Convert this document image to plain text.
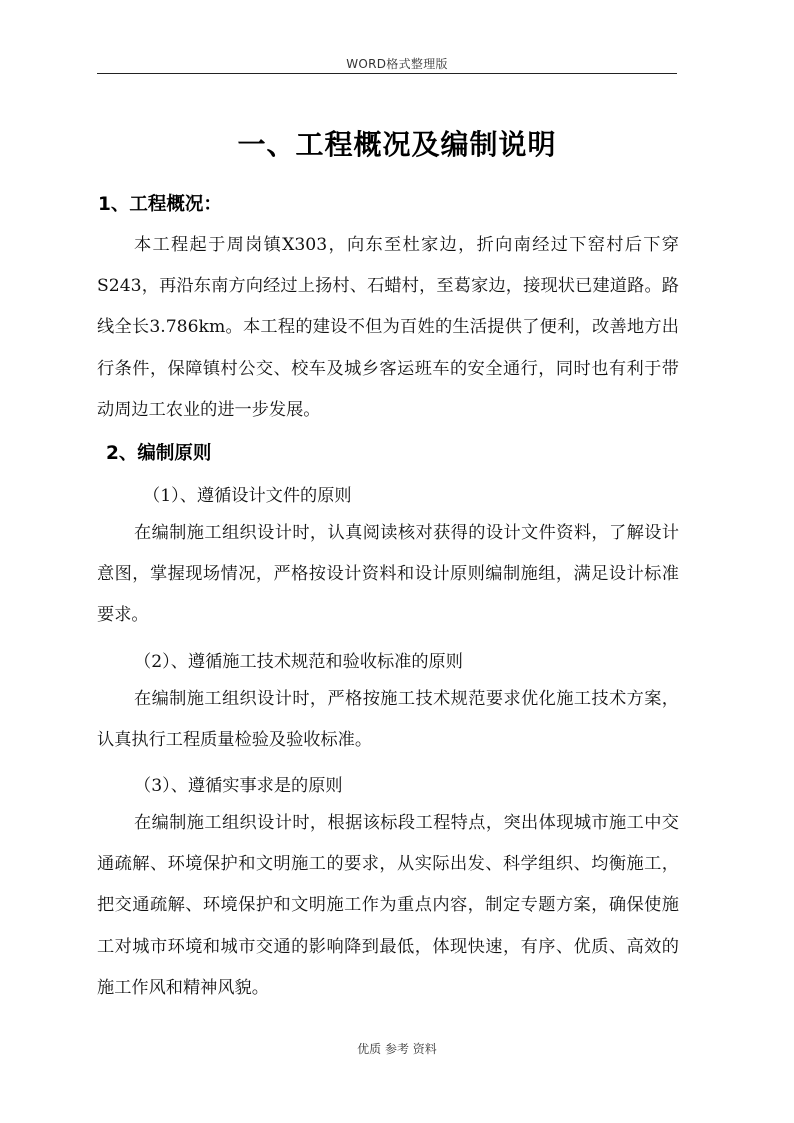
WORD格式整理版
一、工程概况及编制说明
1、工程概况：

本工程起于周岗镇X303，向东至杜家边，折向南经过下窑村后下穿S243，再沿东南方向经过上扬村、石蜡村，至葛家边，接现状已建道路。路线全长3.786km。本工程的建设不但为百姓的生活提供了便利，改善地方出行条件，保障镇村公交、校车及城乡客运班车的安全通行，同时也有利于带动周边工农业的进一步发展。

2、编制原则
（1）、遵循设计文件的原则

在编制施工组织设计时，认真阅读核对获得的设计文件资料，了解设计意图，掌握现场情况，严格按设计资料和设计原则编制施组，满足设计标准要求。

（2）、遵循施工技术规范和验收标准的原则

在编制施工组织设计时，严格按施工技术规范要求优化施工技术方案，认真执行工程质量检验及验收标准。

（3）、遵循实事求是的原则

在编制施工组织设计时，根据该标段工程特点，突出体现城市施工中交通疏解、环境保护和文明施工的要求，从实际出发、科学组织、均衡施工，把交通疏解、环境保护和文明施工作为重点内容，制定专题方案，确保使施工对城市环境和城市交通的影响降到最低，体现快速，有序、优质、高效的施工作风和精神风貌。

优质 参考 资料
